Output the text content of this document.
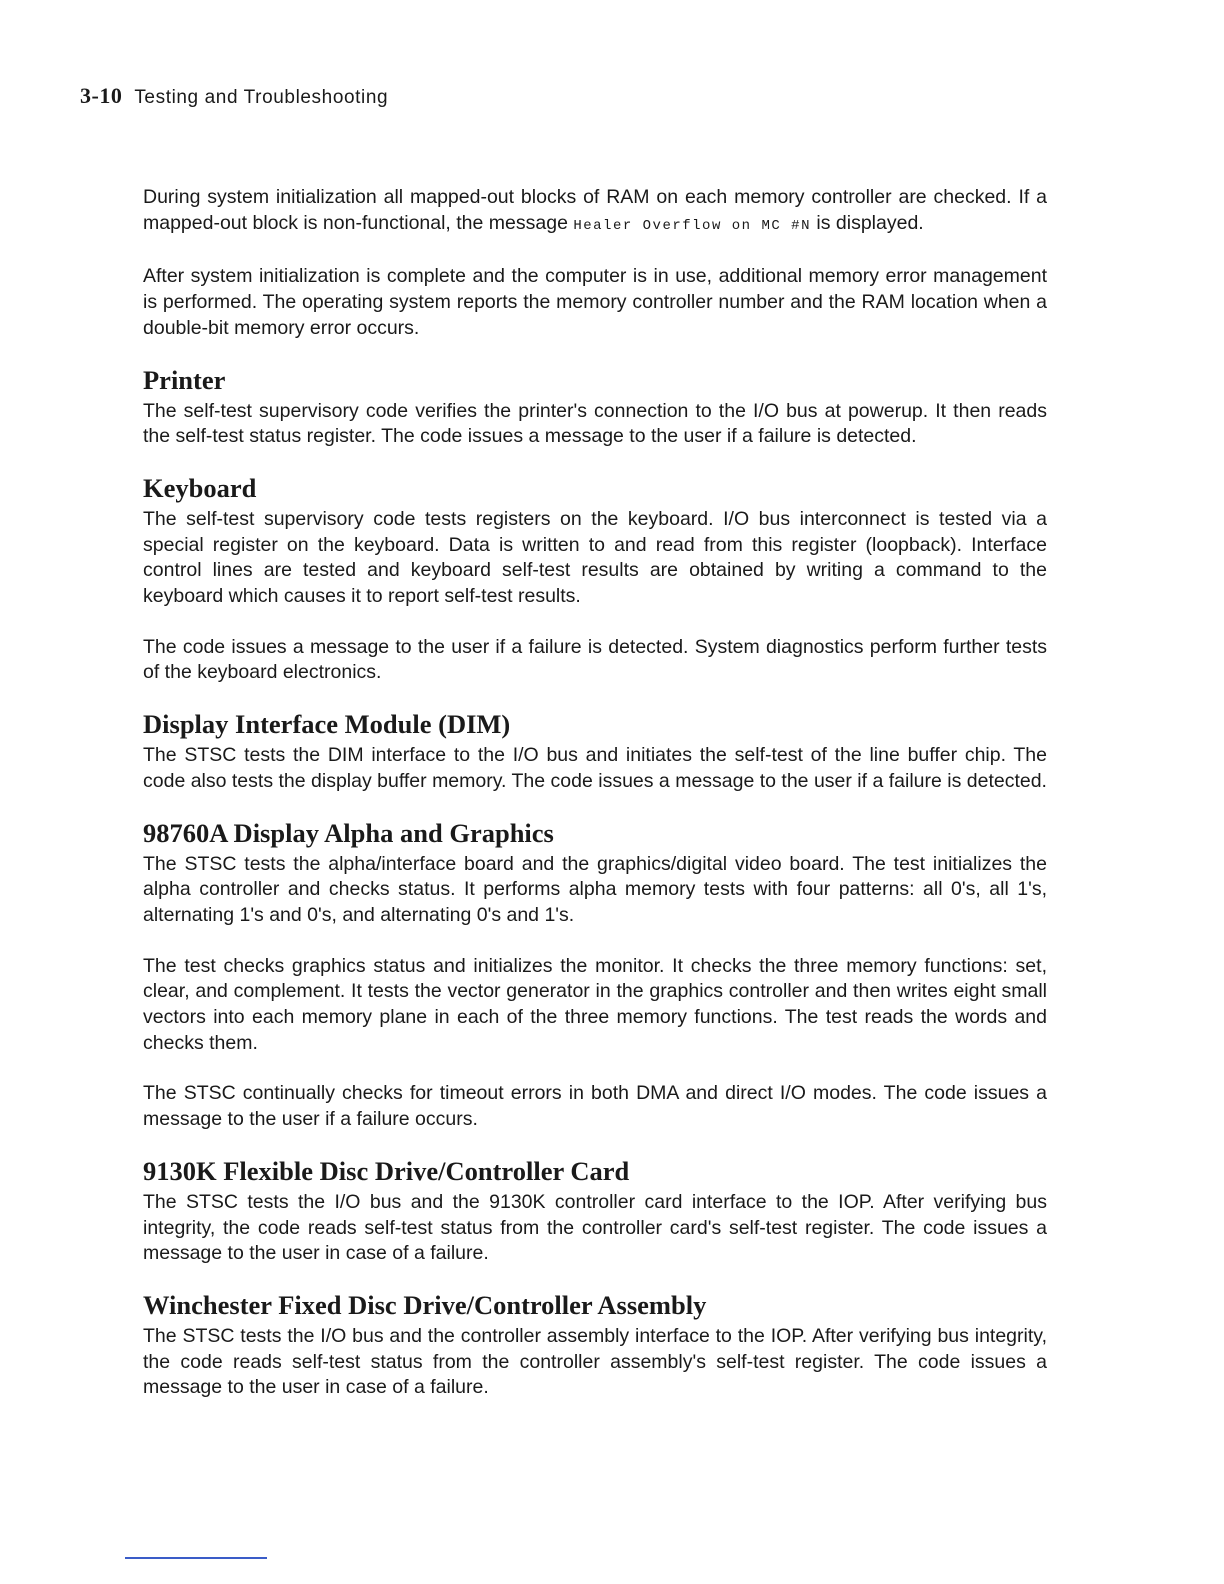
3-10 Testing and Troubleshooting

During system initialization all mapped-out blocks of RAM on each memory controller are checked. If a mapped-out block is non-functional, the message Healer Overflow on MC #N is displayed.

After system initialization is complete and the computer is in use, additional memory error management is performed. The operating system reports the memory controller number and the RAM location when a double-bit memory error occurs.

Printer

The self-test supervisory code verifies the printer's connection to the I/O bus at powerup. It then reads the self-test status register. The code issues a message to the user if a failure is detected.

Keyboard

The self-test supervisory code tests registers on the keyboard. I/O bus interconnect is tested via a special register on the keyboard. Data is written to and read from this register (loopback). Interface control lines are tested and keyboard self-test results are obtained by writing a command to the keyboard which causes it to report self-test results.

The code issues a message to the user if a failure is detected. System diagnostics perform further tests of the keyboard electronics.

Display Interface Module (DIM)

The STSC tests the DIM interface to the I/O bus and initiates the self-test of the line buffer chip. The code also tests the display buffer memory. The code issues a message to the user if a failure is detected.

98760A Display Alpha and Graphics

The STSC tests the alpha/interface board and the graphics/digital video board. The test initializes the alpha controller and checks status. It performs alpha memory tests with four patterns: all 0's, all 1's, alternating 1's and 0's, and alternating 0's and 1's.

The test checks graphics status and initializes the monitor. It checks the three memory functions: set, clear, and complement. It tests the vector generator in the graphics controller and then writes eight small vectors into each memory plane in each of the three memory functions. The test reads the words and checks them.

The STSC continually checks for timeout errors in both DMA and direct I/O modes. The code issues a message to the user if a failure occurs.

9130K Flexible Disc Drive/Controller Card

The STSC tests the I/O bus and the 9130K controller card interface to the IOP. After verifying bus integrity, the code reads self-test status from the controller card's self-test register. The code issues a message to the user in case of a failure.

Winchester Fixed Disc Drive/Controller Assembly

The STSC tests the I/O bus and the controller assembly interface to the IOP. After verifying bus integrity, the code reads self-test status from the controller assembly's self-test register. The code issues a message to the user in case of a failure.
